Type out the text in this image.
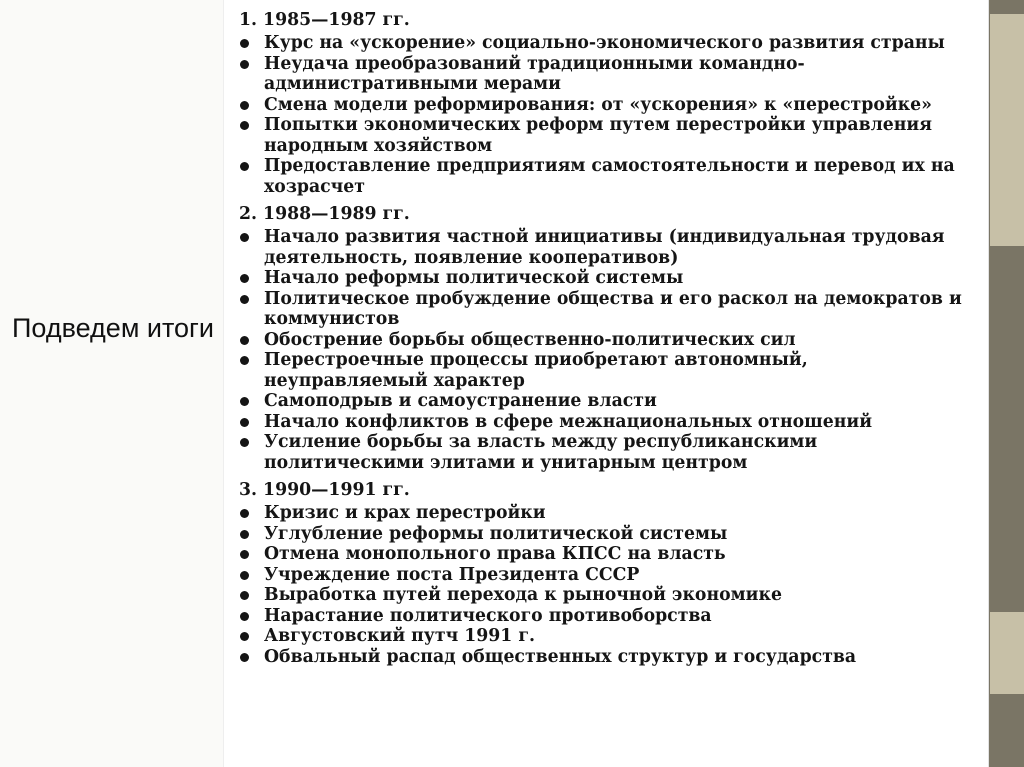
Подведем итоги
1. 1985—1987 гг.
Курс на «ускорение» социально-экономического развития страны
Неудача преобразований традиционными командно-административными мерами
Смена модели реформирования: от «ускорения» к «перестройке»
Попытки экономических реформ путем перестройки управления народным хозяйством
Предоставление предприятиям самостоятельности и перевод их на хозрасчет
2. 1988—1989 гг.
Начало развития частной инициативы (индивидуальная трудовая деятельность, появление кооперативов)
Начало реформы политической системы
Политическое пробуждение общества и его раскол на демократов и коммунистов
Обострение борьбы общественно-политических сил
Перестроечные процессы приобретают автономный, неуправляемый характер
Самоподрыв и самоустранение власти
Начало конфликтов в сфере межнациональных отношений
Усиление борьбы за власть между республиканскими политическими элитами и унитарным центром
3. 1990—1991 гг.
Кризис и крах перестройки
Углубление реформы политической системы
Отмена монопольного права КПСС на власть
Учреждение поста Президента СССР
Выработка путей перехода к рыночной экономике
Нарастание политического противоборства
Августовский путч 1991 г.
Обвальный распад общественных структур и государства
